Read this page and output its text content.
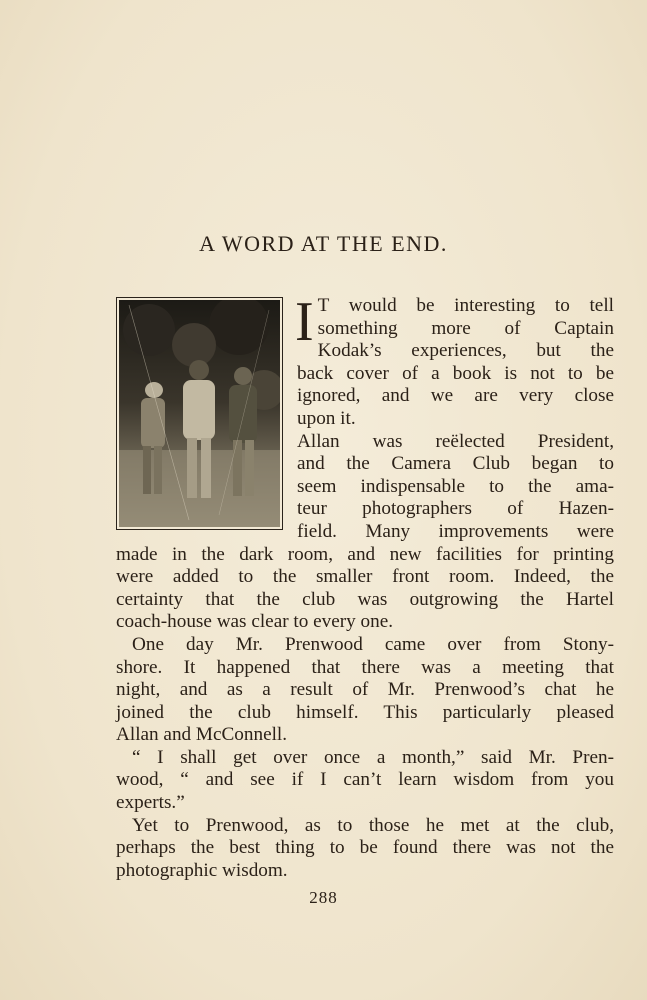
A WORD AT THE END.
I T would be interesting to tell
something more of Captain
Kodak’s experiences, but the
back cover of a book is not to be
ignored, and we are very close
upon it.
Allan was reëlected President,
and the Camera Club began to
seem indispensable to the ama-
teur photographers of Hazen-
field. Many improvements were
made in the dark room, and new facilities for printing
were added to the smaller front room. Indeed, the
certainty that the club was outgrowing the Hartel
coach-house was clear to every one.
One day Mr. Prenwood came over from Stony-
shore. It happened that there was a meeting that
night, and as a result of Mr. Prenwood’s chat he
joined the club himself. This particularly pleased
Allan and McConnell.
“ I shall get over once a month,” said Mr. Pren-
wood, “ and see if I can’t learn wisdom from you
experts.”
Yet to Prenwood, as to those he met at the club,
perhaps the best thing to be found there was not the
photographic wisdom.
288
